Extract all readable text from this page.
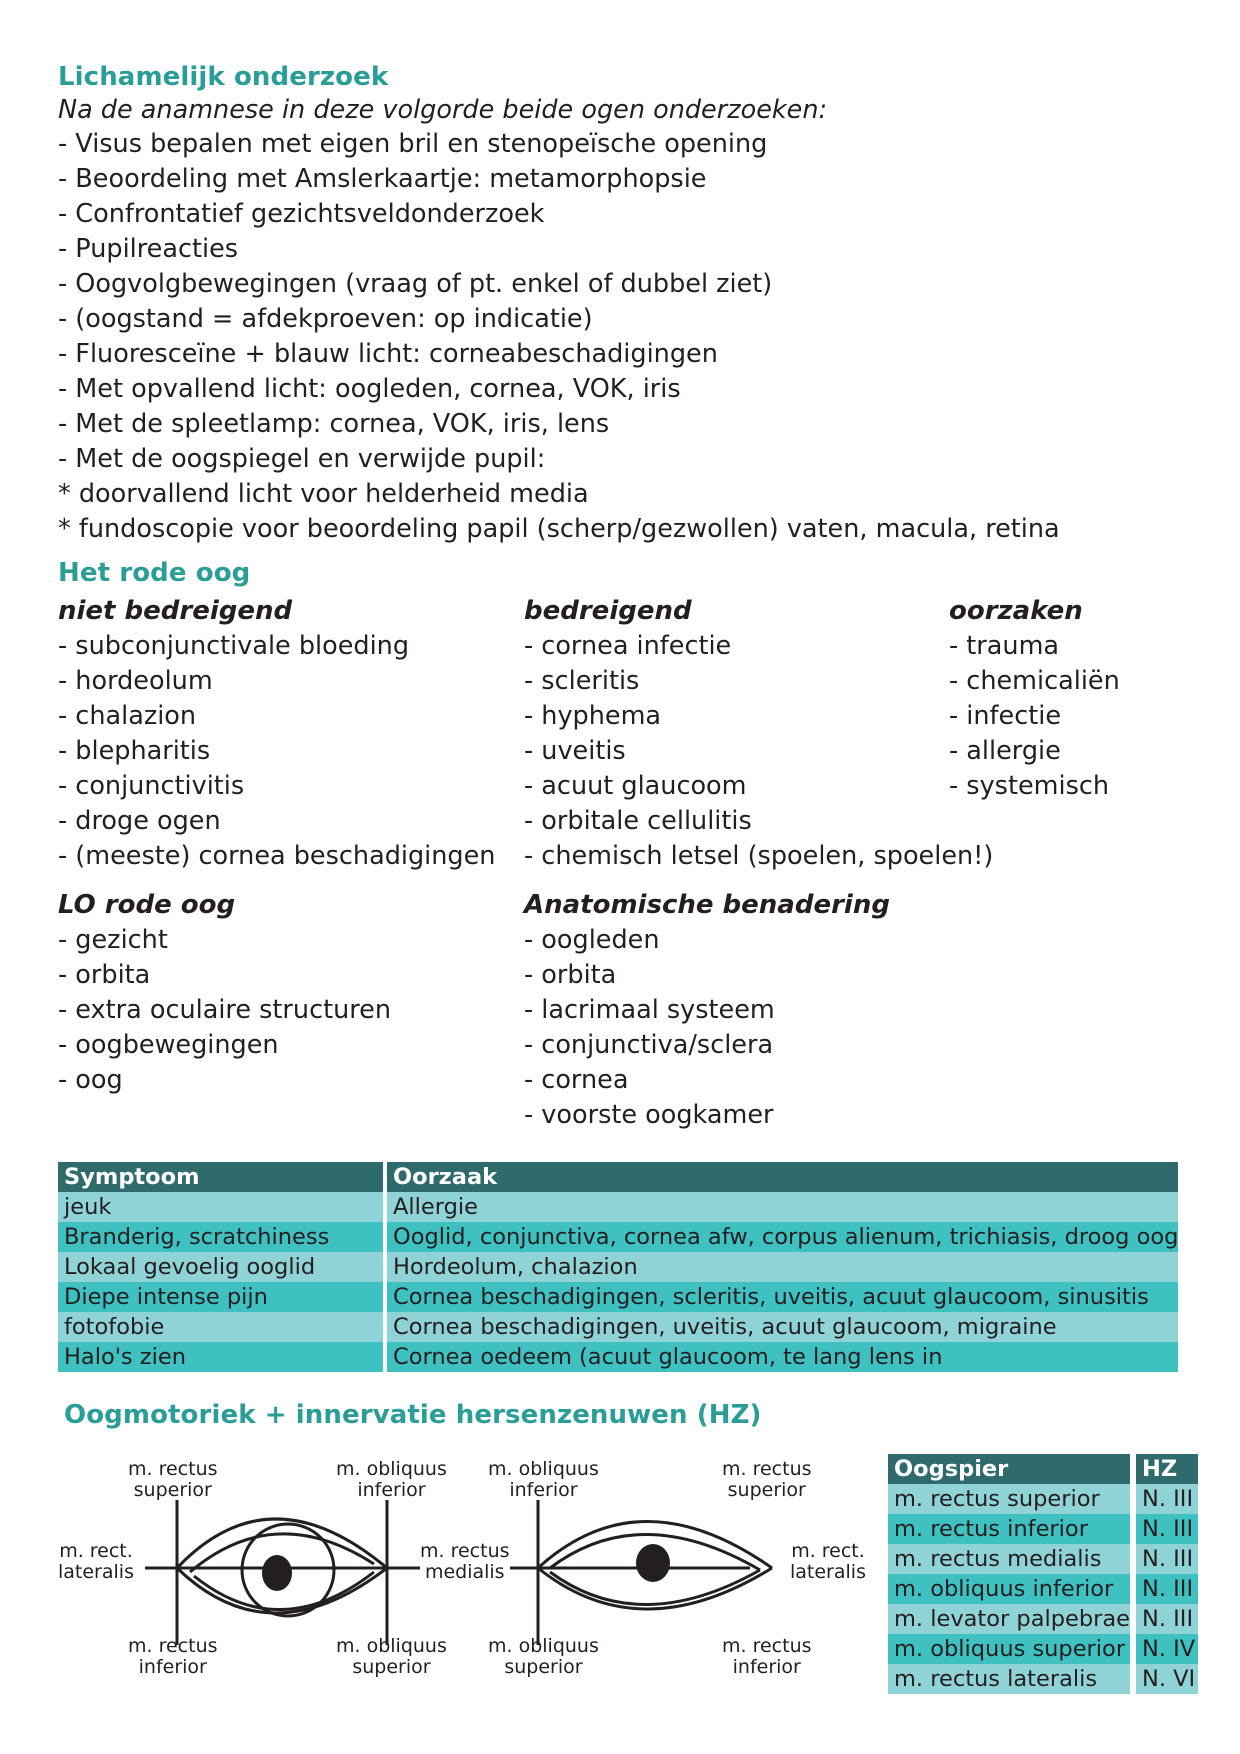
Lichamelijk onderzoek
Na de anamnese in deze volgorde beide ogen onderzoeken:
- Visus bepalen met eigen bril en stenopeïsche opening
- Beoordeling met Amslerkaartje: metamorphopsie
- Confrontatief gezichtsveldonderzoek
- Pupilreacties
- Oogvolgbewegingen (vraag of pt. enkel of dubbel ziet)
- (oogstand = afdekproeven: op indicatie)
- Fluoresceïne + blauw licht: corneabeschadigingen
- Met opvallend licht: oogleden, cornea, VOK, iris
- Met de spleetlamp: cornea, VOK, iris, lens
- Met de oogspiegel en verwijde pupil:
* doorvallend licht voor helderheid media
* fundoscopie voor beoordeling papil (scherp/gezwollen) vaten, macula, retina
Het rode oog
niet bedreigend
- subconjunctivale bloeding
- hordeolum
- chalazion
- blepharitis
- conjunctivitis
- droge ogen
- (meeste) cornea beschadigingen
bedreigend
- cornea infectie
- scleritis
- hyphema
- uveitis
- acuut glaucoom
- orbitale cellulitis
- chemisch letsel (spoelen, spoelen!)
oorzaken
- trauma
- chemicaliën
- infectie
- allergie
- systemisch
LO rode oog
- gezicht
- orbita
- extra oculaire structuren
- oogbewegingen
- oog
Anatomische benadering
- oogleden
- orbita
- lacrimaal systeem
- conjunctiva/sclera
- cornea
- voorste oogkamer
Symptoom	Oorzaak
jeuk	Allergie
Branderig, scratchiness	Ooglid, conjunctiva, cornea afw, corpus alienum, trichiasis, droog oog
Lokaal gevoelig ooglid	Hordeolum, chalazion
Diepe intense pijn	Cornea beschadigingen, scleritis, uveitis, acuut glaucoom, sinusitis
fotofobie	Cornea beschadigingen, uveitis, acuut glaucoom, migraine
Halo's zien	Cornea oedeem (acuut glaucoom, te lang lens in
Oogmotoriek + innervatie hersenzenuwen (HZ)
m. rectus
superior
m. obliquus
inferior
m. rect.
lateralis
m. rectus
medialis
m. rectus
inferior
m. obliquus
superior
m. obliquus
inferior
m. rectus
superior
m. rect.
lateralis
m. obliquus
superior
m. rectus
inferior
Oogspier	HZ
m. rectus superior	N. III
m. rectus inferior	N. III
m. rectus medialis	N. III
m. obliquus inferior	N. III
m. levator palpebrae	N. III
m. obliquus superior	N. IV
m. rectus lateralis	N. VI
